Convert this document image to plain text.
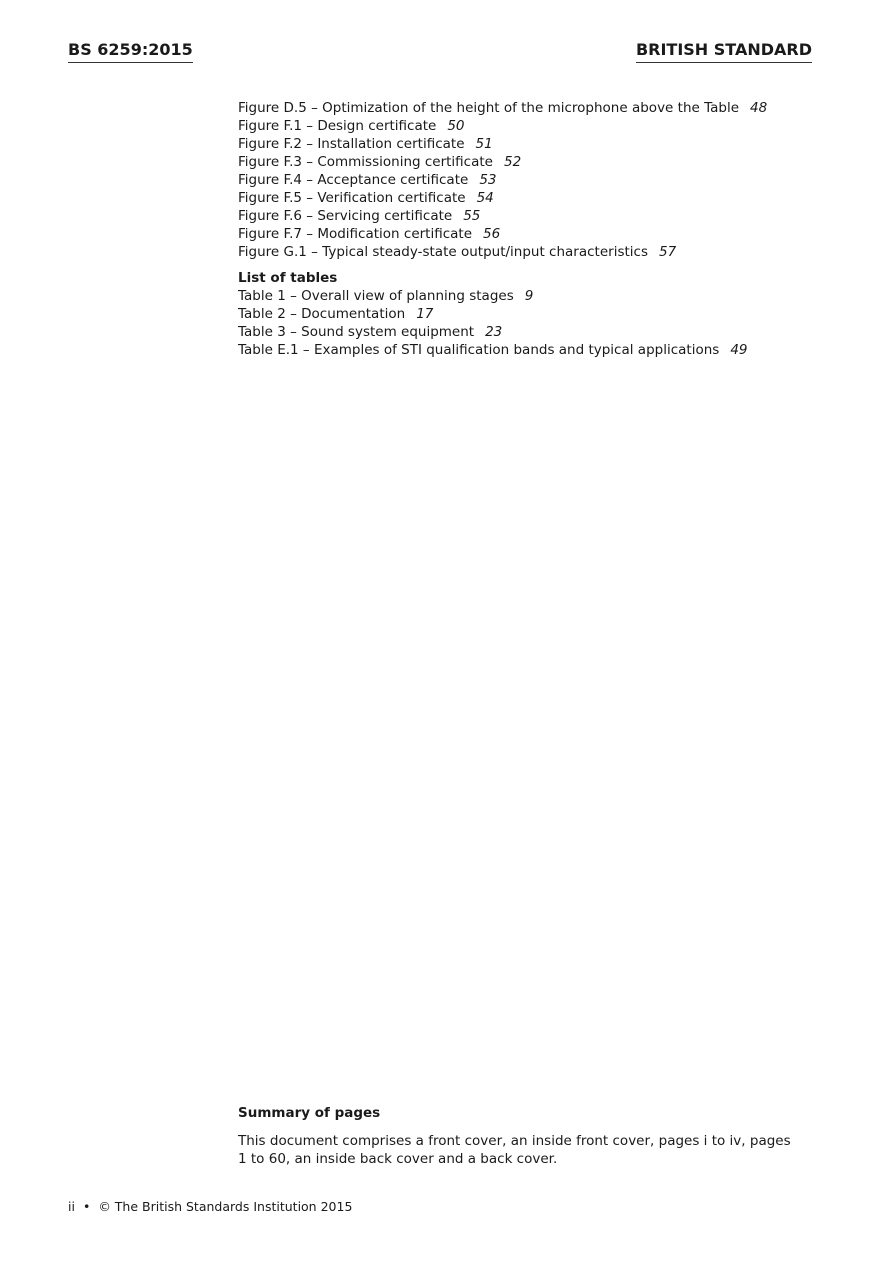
BS 6259:2015	BRITISH STANDARD
Figure D.5 – Optimization of the height of the microphone above the Table 48
Figure F.1 – Design certificate 50
Figure F.2 – Installation certificate 51
Figure F.3 – Commissioning certificate 52
Figure F.4 – Acceptance certificate 53
Figure F.5 – Verification certificate 54
Figure F.6 – Servicing certificate 55
Figure F.7 – Modification certificate 56
Figure G.1 – Typical steady-state output/input characteristics 57
List of tables
Table 1 – Overall view of planning stages 9
Table 2 – Documentation 17
Table 3 – Sound system equipment 23
Table E.1 – Examples of STI qualification bands and typical applications 49
Summary of pages
This document comprises a front cover, an inside front cover, pages i to iv, pages 1 to 60, an inside back cover and a back cover.
ii • © The British Standards Institution 2015
